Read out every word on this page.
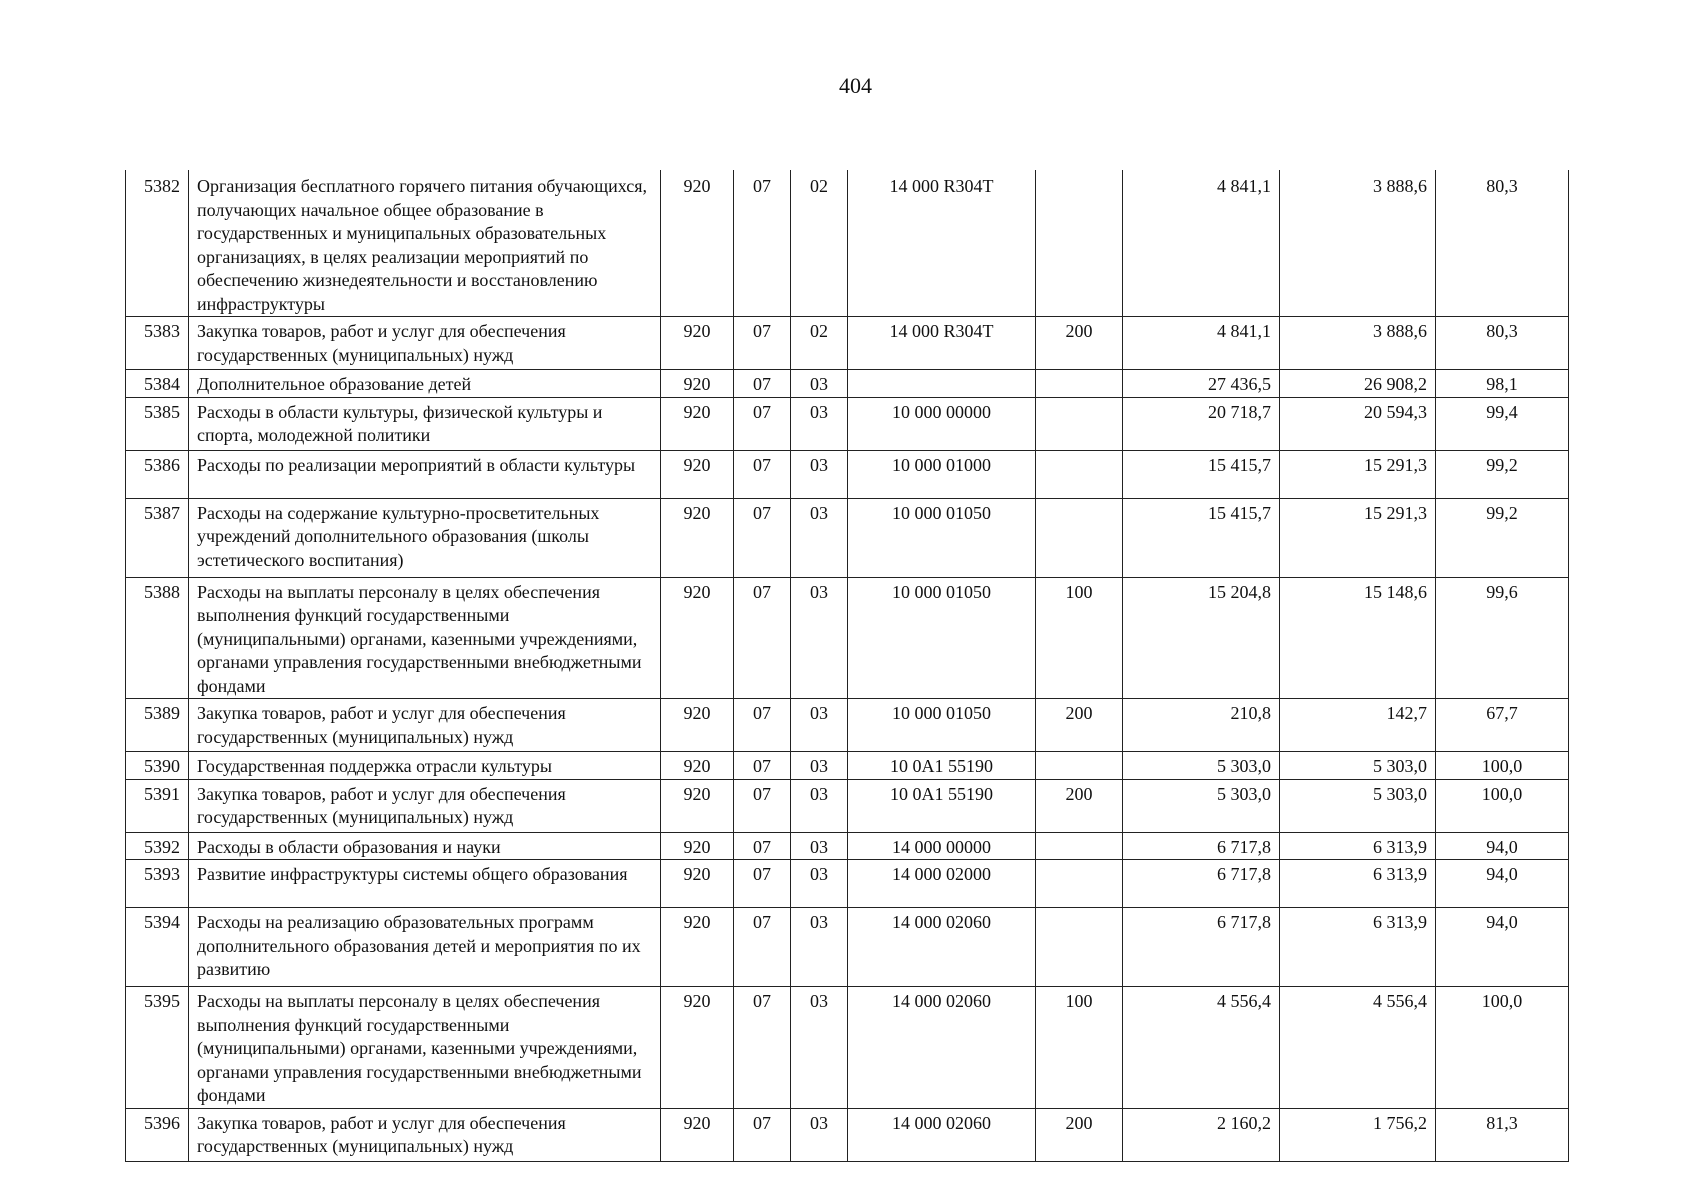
404
5382	Организация бесплатного горячего питания обучающихся, получающих начальное общее образование в государственных и муниципальных образовательных организациях, в целях реализации мероприятий по обеспечению жизнедеятельности и восстановлению инфраструктуры	920	07	02	14 000 R304T		4 841,1	3 888,6	80,3
5383	Закупка товаров, работ и услуг для обеспечения государственных (муниципальных) нужд	920	07	02	14 000 R304T	200	4 841,1	3 888,6	80,3
5384	Дополнительное образование детей	920	07	03			27 436,5	26 908,2	98,1
5385	Расходы в области культуры, физической культуры и спорта, молодежной политики	920	07	03	10 000 00000		20 718,7	20 594,3	99,4
5386	Расходы по реализации мероприятий в области культуры	920	07	03	10 000 01000		15 415,7	15 291,3	99,2
5387	Расходы на содержание культурно-просветительных учреждений дополнительного образования (школы эстетического воспитания)	920	07	03	10 000 01050		15 415,7	15 291,3	99,2
5388	Расходы на выплаты персоналу в целях обеспечения выполнения функций государственными (муниципальными) органами, казенными учреждениями, органами управления государственными внебюджетными фондами	920	07	03	10 000 01050	100	15 204,8	15 148,6	99,6
5389	Закупка товаров, работ и услуг для обеспечения государственных (муниципальных) нужд	920	07	03	10 000 01050	200	210,8	142,7	67,7
5390	Государственная поддержка отрасли культуры	920	07	03	10 0A1 55190		5 303,0	5 303,0	100,0
5391	Закупка товаров, работ и услуг для обеспечения государственных (муниципальных) нужд	920	07	03	10 0A1 55190	200	5 303,0	5 303,0	100,0
5392	Расходы в области образования и науки	920	07	03	14 000 00000		6 717,8	6 313,9	94,0
5393	Развитие инфраструктуры системы общего образования	920	07	03	14 000 02000		6 717,8	6 313,9	94,0
5394	Расходы на реализацию образовательных программ дополнительного образования детей и мероприятия по их развитию	920	07	03	14 000 02060		6 717,8	6 313,9	94,0
5395	Расходы на выплаты персоналу в целях обеспечения выполнения функций государственными (муниципальными) органами, казенными учреждениями, органами управления государственными внебюджетными фондами	920	07	03	14 000 02060	100	4 556,4	4 556,4	100,0
5396	Закупка товаров, работ и услуг для обеспечения государственных (муниципальных) нужд	920	07	03	14 000 02060	200	2 160,2	1 756,2	81,3
